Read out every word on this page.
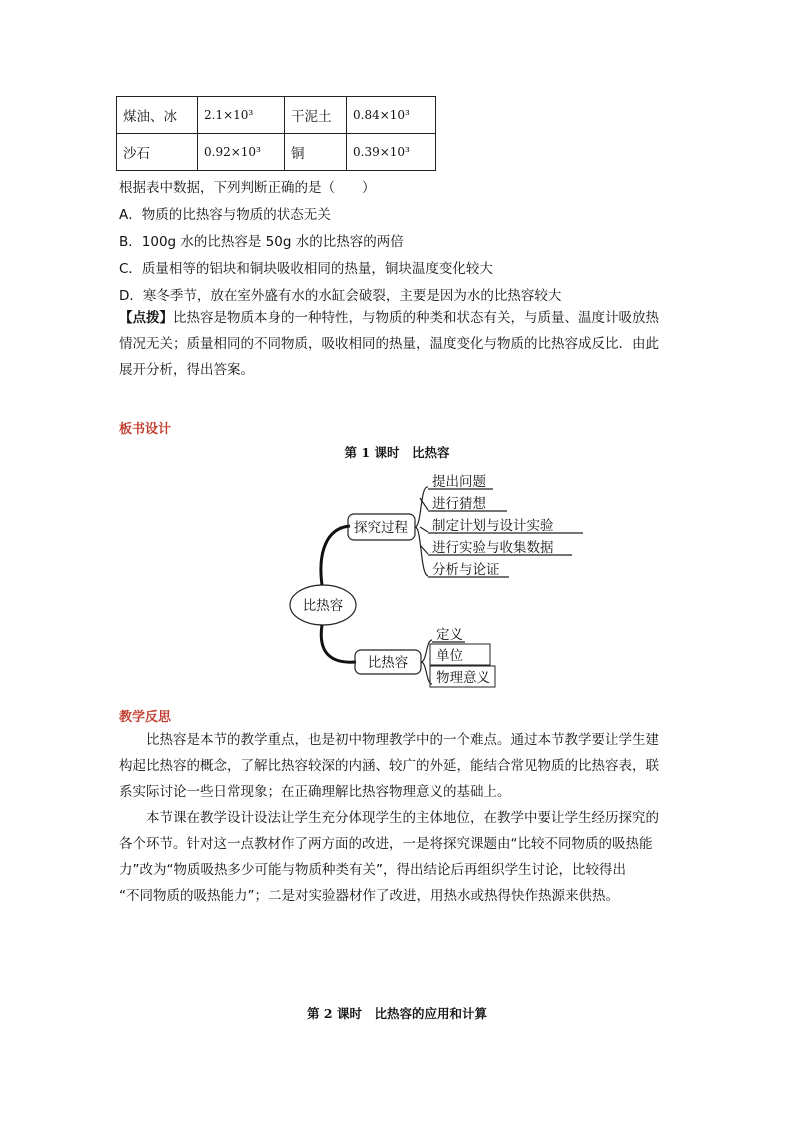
煤油、冰	2.1×10³	干泥土	0.84×10³
沙石	0.92×10³	铜	0.39×10³
根据表中数据，下列判断正确的是（　　）
A．物质的比热容与物质的状态无关
B．100g 水的比热容是 50g 水的比热容的两倍
C．质量相等的铝块和铜块吸收相同的热量，铜块温度变化较大
D．寒冬季节，放在室外盛有水的水缸会破裂，主要是因为水的比热容较大
【点拨】比热容是物质本身的一种特性，与物质的种类和状态有关，与质量、温度计吸放热
情况无关；质量相同的不同物质，吸收相同的热量，温度变化与物质的比热容成反比．由此
展开分析，得出答案。
板书设计
第 1 课时　比热容
比热容
探究过程
提出问题
进行猜想
制定计划与设计实验
进行实验与收集数据
分析与论证
比热容
定义
单位
物理意义
教学反思
比热容是本节的教学重点，也是初中物理教学中的一个难点。通过本节教学要让学生建
构起比热容的概念，了解比热容较深的内涵、较广的外延，能结合常见物质的比热容表，联
系实际讨论一些日常现象；在正确理解比热容物理意义的基础上。
本节课在教学设计设法让学生充分体现学生的主体地位，在教学中要让学生经历探究的
各个环节。针对这一点教材作了两方面的改进，一是将探究课题由“比较不同物质的吸热能
力”改为“物质吸热多少可能与物质种类有关”，得出结论后再组织学生讨论，比较得出
“不同物质的吸热能力”；二是对实验器材作了改进，用热水或热得快作热源来供热。
第 2 课时　比热容的应用和计算
